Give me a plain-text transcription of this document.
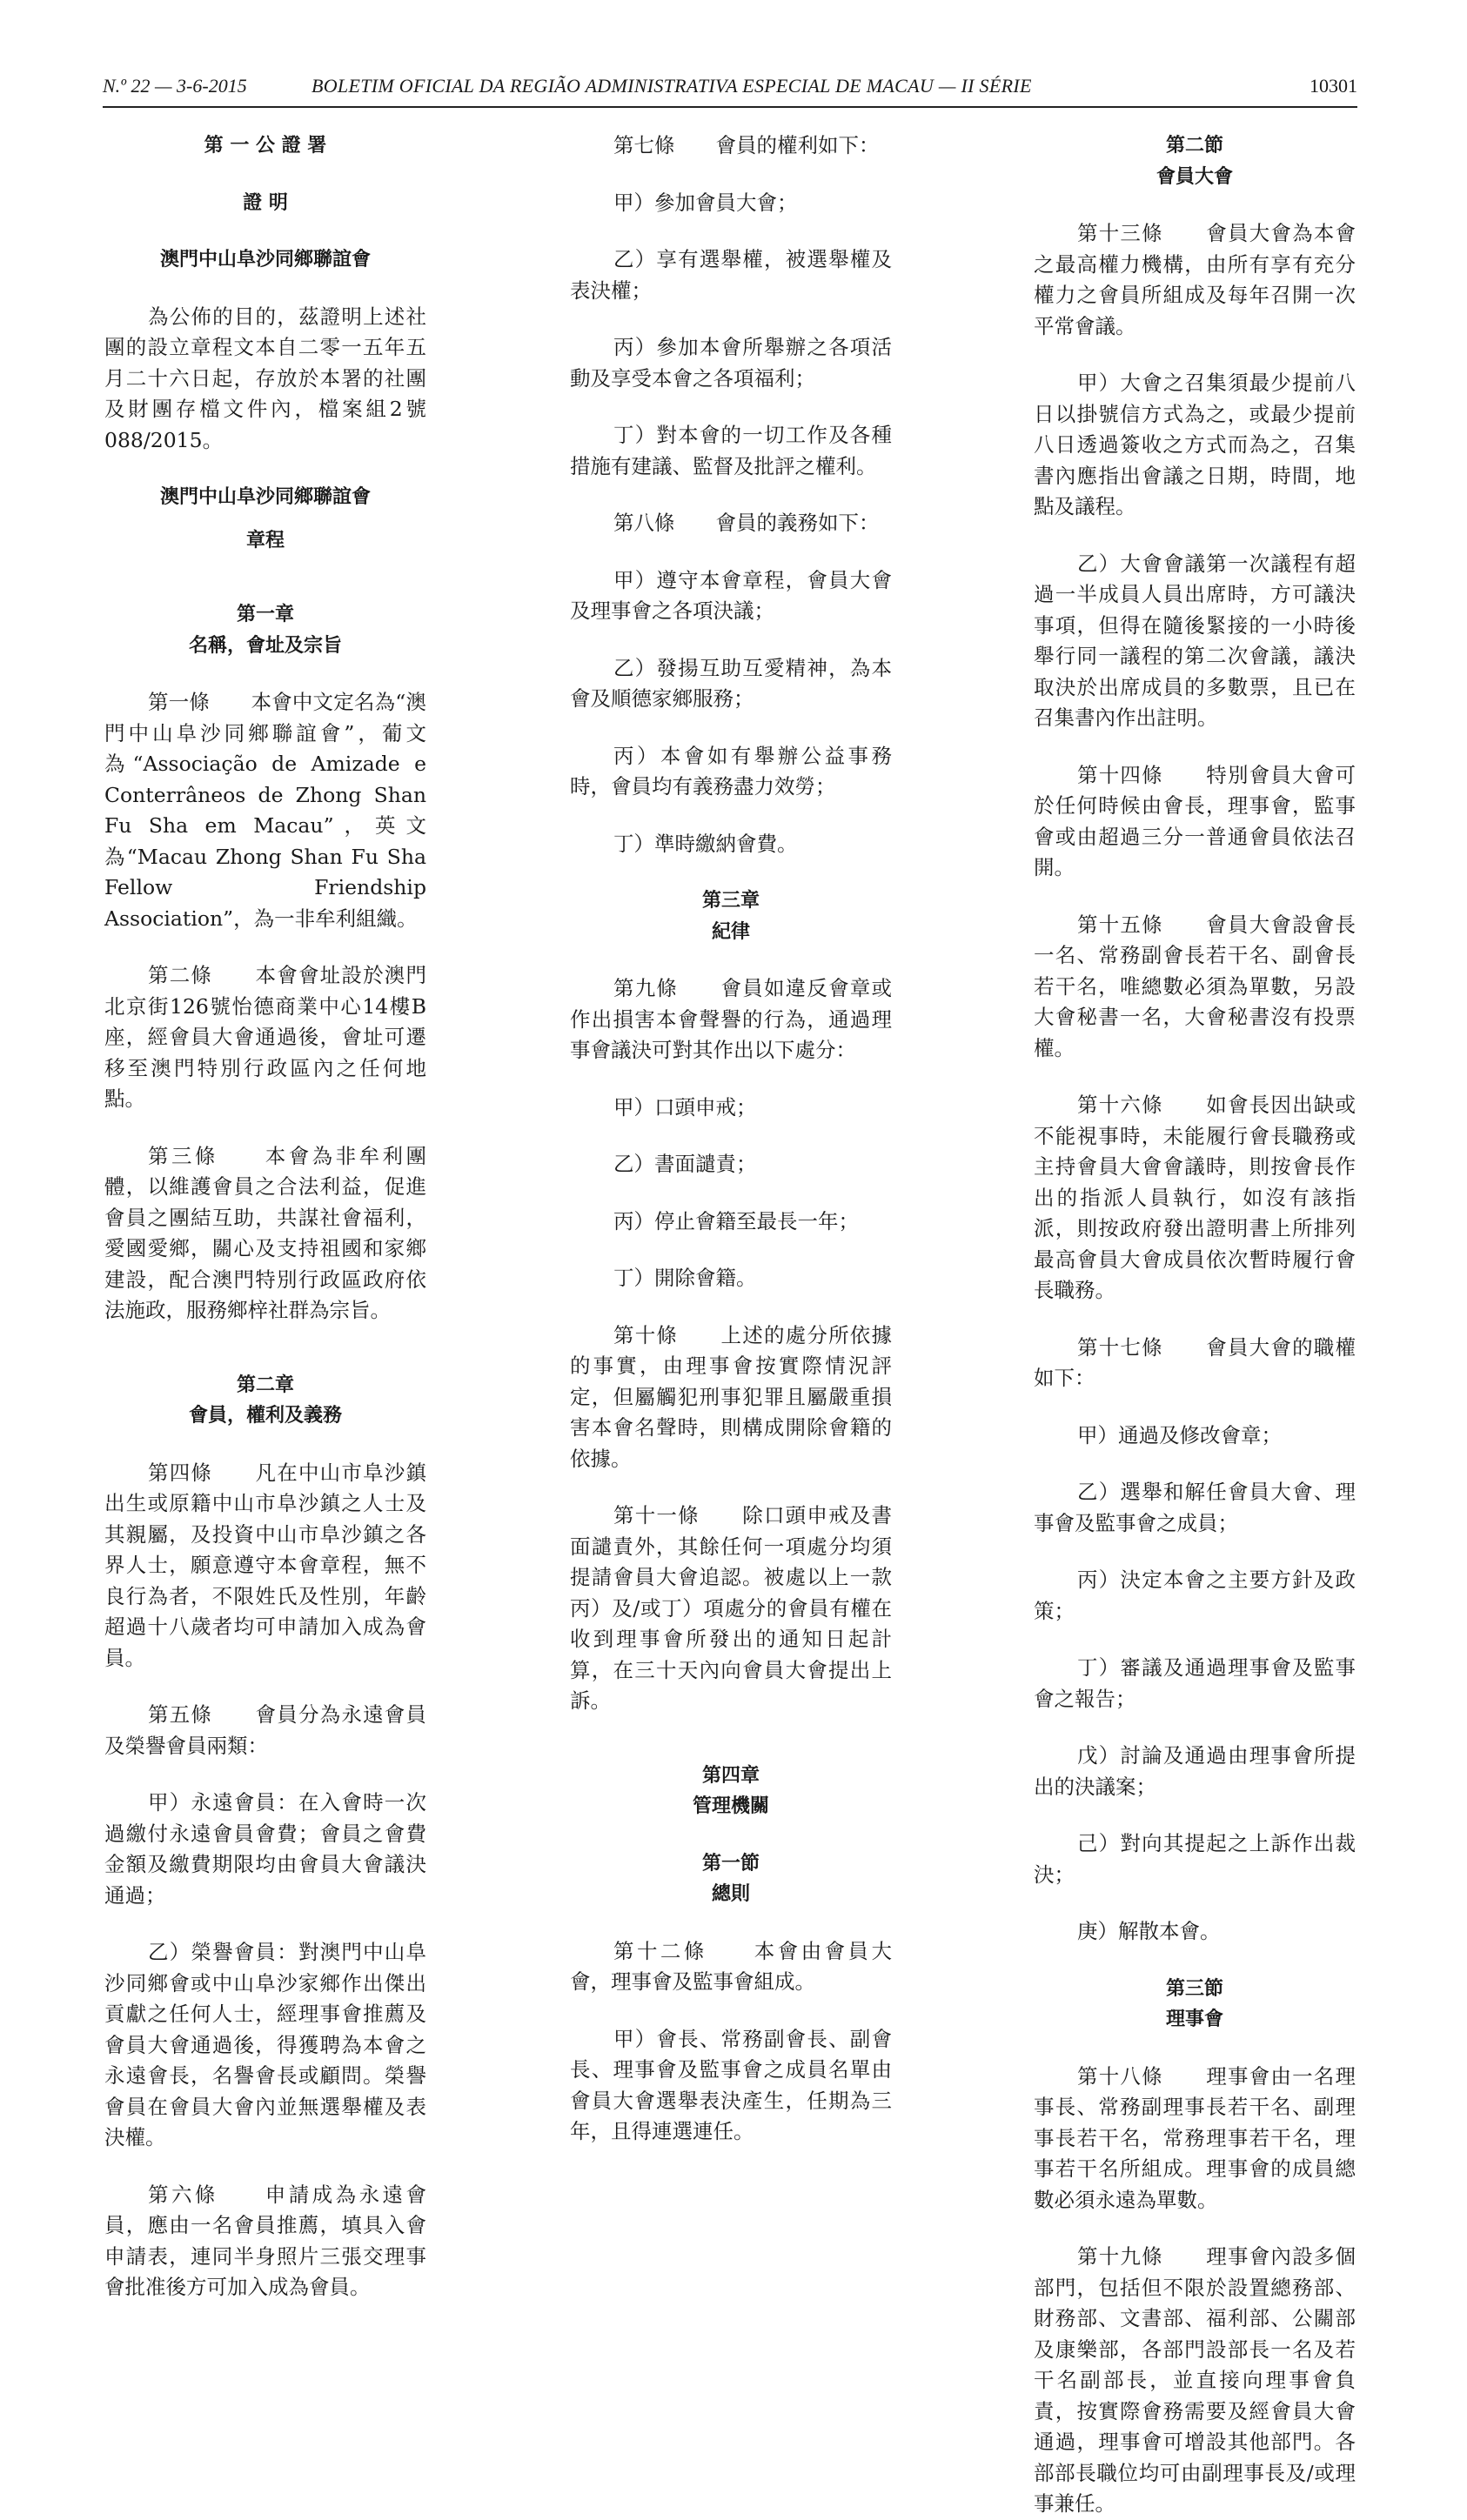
N.º 22 — 3-6-2015	BOLETIM OFICIAL DA REGIÃO ADMINISTRATIVA ESPECIAL DE MACAU — II SÉRIE	10301

第 一 公 證 署

證 明

澳門中山阜沙同鄉聯誼會

為公佈的目的，茲證明上述社團的設立章程文本自二零一五年五月二十六日起，存放於本署的社團及財團存檔文件內，檔案組2號088/2015。

澳門中山阜沙同鄉聯誼會

章程

第一章

名稱，會址及宗旨

第一條　　本會中文定名為“澳門中山阜沙同鄉聯誼會”，葡文為“Associação de Amizade e Conterrâneos de Zhong Shan Fu Sha em Macau”，英文為“Macau Zhong Shan Fu Sha Fellow Friendship Association”，為一非牟利組織。

第二條　　本會會址設於澳門北京街126號怡德商業中心14樓B座，經會員大會通過後，會址可遷移至澳門特別行政區內之任何地點。

第三條　　本會為非牟利團體，以維護會員之合法利益，促進會員之團結互助，共謀社會福利，愛國愛鄉，關心及支持祖國和家鄉建設，配合澳門特別行政區政府依法施政，服務鄉梓社群為宗旨。

第二章

會員，權利及義務

第四條　　凡在中山市阜沙鎮出生或原籍中山市阜沙鎮之人士及其親屬，及投資中山市阜沙鎮之各界人士，願意遵守本會章程，無不良行為者，不限姓氏及性別，年齡超過十八歲者均可申請加入成為會員。

第五條　　會員分為永遠會員及榮譽會員兩類：

甲）永遠會員：在入會時一次過繳付永遠會員會費；會員之會費金額及繳費期限均由會員大會議決通過；

乙）榮譽會員：對澳門中山阜沙同鄉會或中山阜沙家鄉作出傑出貢獻之任何人士，經理事會推薦及會員大會通過後，得獲聘為本會之永遠會長，名譽會長或顧問。榮譽會員在會員大會內並無選舉權及表決權。

第六條　　申請成為永遠會員，應由一名會員推薦，填具入會申請表，連同半身照片三張交理事會批准後方可加入成為會員。

第七條　　會員的權利如下：

甲）參加會員大會；

乙）享有選舉權，被選舉權及表決權；

丙）參加本會所舉辦之各項活動及享受本會之各項福利；

丁）對本會的一切工作及各種措施有建議、監督及批評之權利。

第八條　　會員的義務如下：

甲）遵守本會章程，會員大會及理事會之各項決議；

乙）發揚互助互愛精神，為本會及順德家鄉服務；

丙）本會如有舉辦公益事務時，會員均有義務盡力效勞；

丁）準時繳納會費。

第三章

紀律

第九條　　會員如違反會章或作出損害本會聲譽的行為，通過理事會議決可對其作出以下處分：

甲）口頭申戒；

乙）書面譴責；

丙）停止會籍至最長一年；

丁）開除會籍。

第十條　　上述的處分所依據的事實，由理事會按實際情況評定，但屬觸犯刑事犯罪且屬嚴重損害本會名聲時，則構成開除會籍的依據。

第十一條　　除口頭申戒及書面譴責外，其餘任何一項處分均須提請會員大會追認。被處以上一款丙）及/或丁）項處分的會員有權在收到理事會所發出的通知日起計算，在三十天內向會員大會提出上訴。

第四章

管理機關

第一節

總則

第十二條　　本會由會員大會，理事會及監事會組成。

甲）會長、常務副會長、副會長、理事會及監事會之成員名單由會員大會選舉表決產生，任期為三年，且得連選連任。

第二節

會員大會

第十三條　　會員大會為本會之最高權力機構，由所有享有充分權力之會員所組成及每年召開一次平常會議。

甲）大會之召集須最少提前八日以掛號信方式為之，或最少提前八日透過簽收之方式而為之，召集書內應指出會議之日期，時間，地點及議程。

乙）大會會議第一次議程有超過一半成員人員出席時，方可議決事項，但得在隨後緊接的一小時後舉行同一議程的第二次會議，議決取決於出席成員的多數票，且已在召集書內作出註明。

第十四條　　特別會員大會可於任何時候由會長，理事會，監事會或由超過三分一普通會員依法召開。

第十五條　　會員大會設會長一名、常務副會長若干名、副會長若干名，唯總數必須為單數，另設大會秘書一名，大會秘書沒有投票權。

第十六條　　如會長因出缺或不能視事時，未能履行會長職務或主持會員大會會議時，則按會長作出的指派人員執行，如沒有該指派，則按政府發出證明書上所排列最高會員大會成員依次暫時履行會長職務。

第十七條　　會員大會的職權如下：

甲）通過及修改會章；

乙）選舉和解任會員大會、理事會及監事會之成員；

丙）決定本會之主要方針及政策；

丁）審議及通過理事會及監事會之報告；

戊）討論及通過由理事會所提出的決議案；

己）對向其提起之上訴作出裁決；

庚）解散本會。

第三節

理事會

第十八條　　理事會由一名理事長、常務副理事長若干名、副理事長若干名，常務理事若干名，理事若干名所組成。理事會的成員總數必須永遠為單數。

第十九條　　理事會內設多個部門，包括但不限於設置總務部、財務部、文書部、福利部、公關部及康樂部，各部門設部長一名及若干名副部長，並直接向理事會負責，按實際會務需要及經會員大會通過，理事會可增設其他部門。各部部長職位均可由副理事長及/或理事兼任。
